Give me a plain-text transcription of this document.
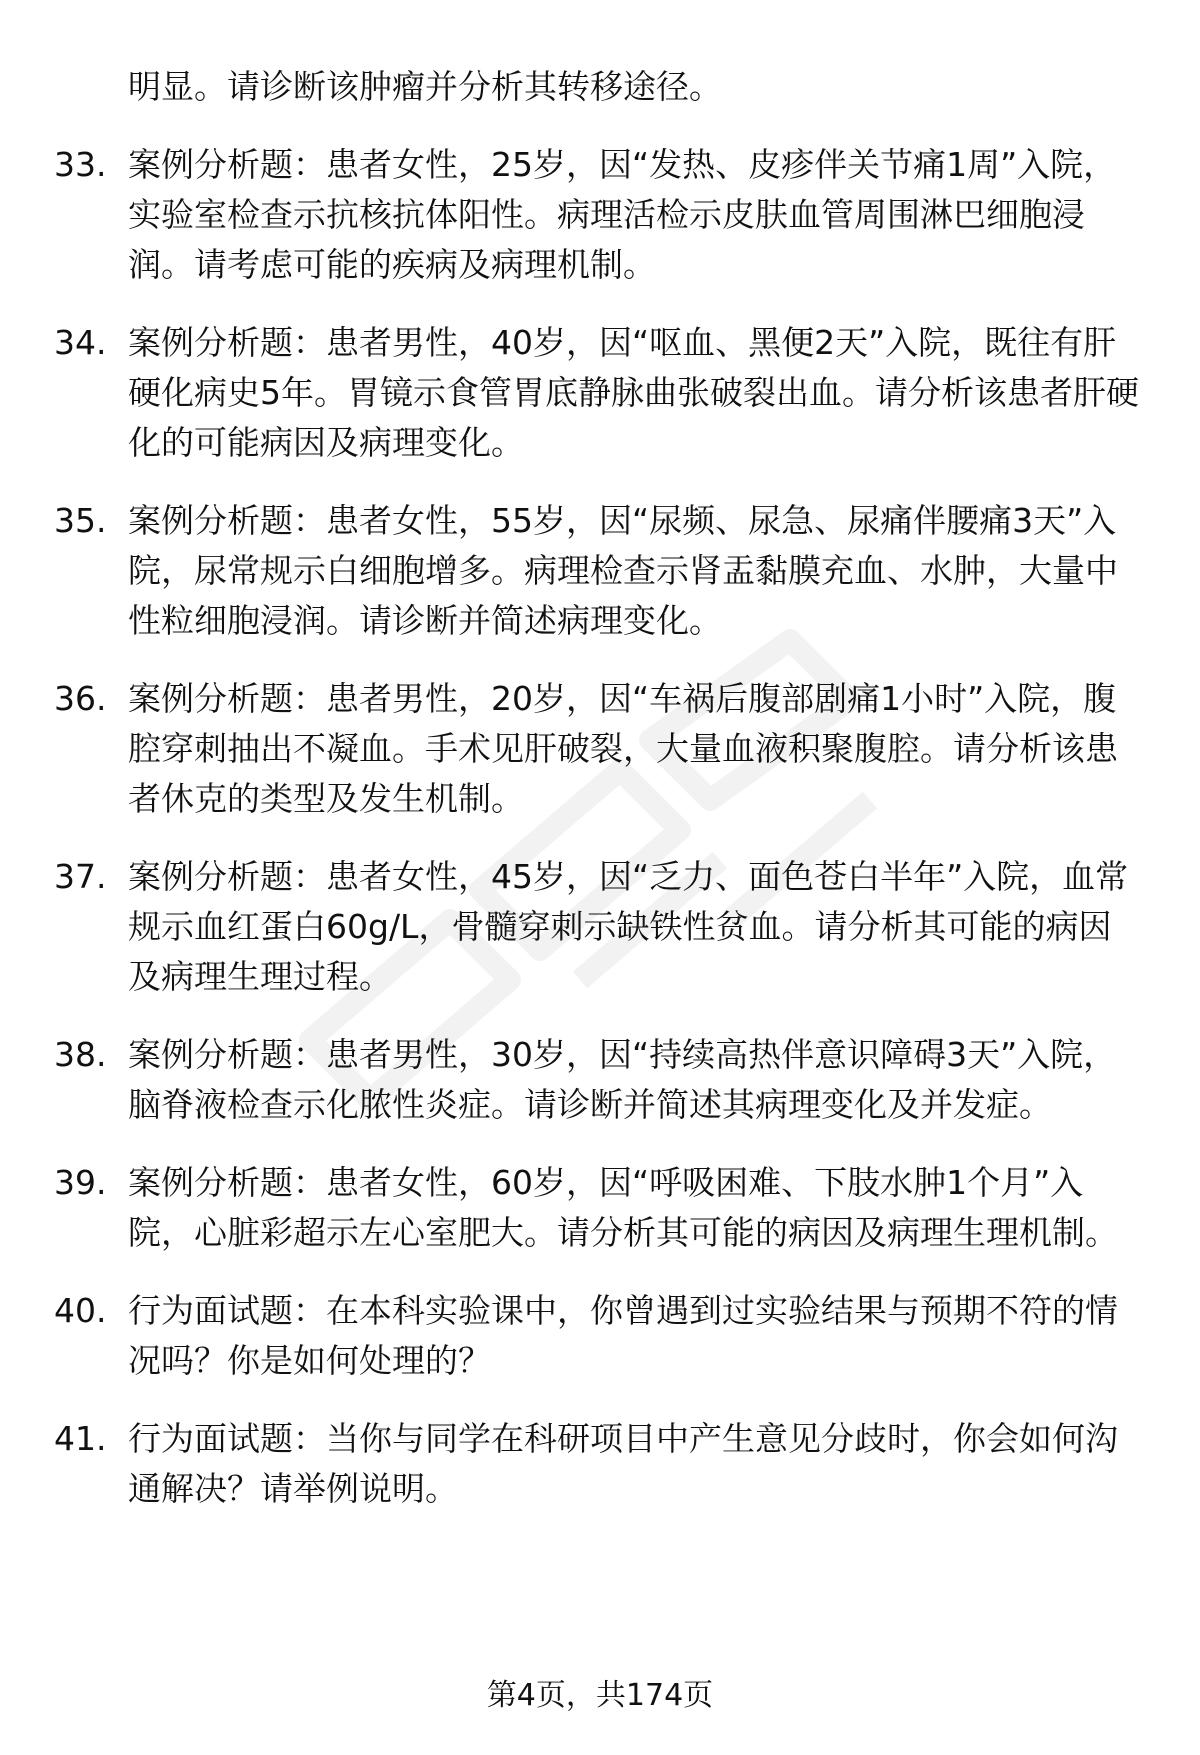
明显。请诊断该肿瘤并分析其转移途径。
33. 案例分析题：患者女性，25岁，因“发热、皮疹伴关节痛1周”入院，实验室检查示抗核抗体阳性。病理活检示皮肤血管周围淋巴细胞浸润。请考虑可能的疾病及病理机制。
34. 案例分析题：患者男性，40岁，因“呕血、黑便2天”入院，既往有肝硬化病史5年。胃镜示食管胃底静脉曲张破裂出血。请分析该患者肝硬化的可能病因及病理变化。
35. 案例分析题：患者女性，55岁，因“尿频、尿急、尿痛伴腰痛3天”入院，尿常规示白细胞增多。病理检查示肾盂黏膜充血、水肿，大量中性粒细胞浸润。请诊断并简述病理变化。
36. 案例分析题：患者男性，20岁，因“车祸后腹部剧痛1小时”入院，腹腔穿刺抽出不凝血。手术见肝破裂，大量血液积聚腹腔。请分析该患者休克的类型及发生机制。
37. 案例分析题：患者女性，45岁，因“乏力、面色苍白半年”入院，血常规示血红蛋白60g/L，骨髓穿刺示缺铁性贫血。请分析其可能的病因及病理生理过程。
38. 案例分析题：患者男性，30岁，因“持续高热伴意识障碍3天”入院，脑脊液检查示化脓性炎症。请诊断并简述其病理变化及并发症。
39. 案例分析题：患者女性，60岁，因“呼吸困难、下肢水肿1个月”入院，心脏彩超示左心室肥大。请分析其可能的病因及病理生理机制。
40. 行为面试题：在本科实验课中，你曾遇到过实验结果与预期不符的情况吗？你是如何处理的？
41. 行为面试题：当你与同学在科研项目中产生意见分歧时，你会如何沟通解决？请举例说明。
第4页，共174页
